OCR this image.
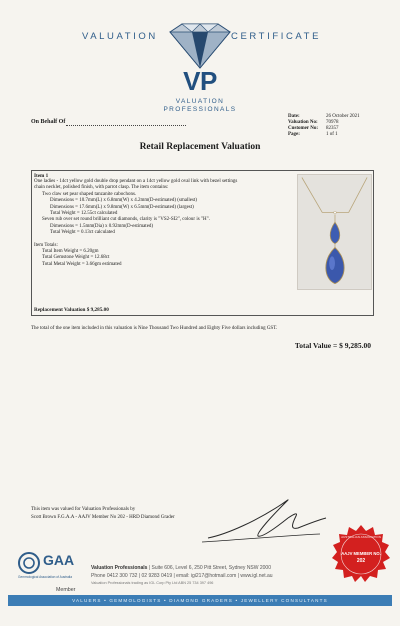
VALUATION	CERTIFICATE
VP
VALUATION
PROFESSIONALS
On Behalf Of
Date:	26 October 2021
Valuation No:	70978
Customer No:	82357
Page:	1 of 1
Retail Replacement Valuation
Item 1
One ladies - 14ct yellow gold double drop pendant on a 14ct yellow gold oval link with bezel settings
chain necklet, polished finish, with parrot clasp. The item contains:
Two claw set pear shaped tanzanite cabochons.
Dimensions = 10.7mm(L) x 6.8mm(W) x 4.2mm(D-estimated) (smallest)
Dimensions = 17.6mm(L) x 9.8mm(W) x 6.5mm(D-estimated) (largest)
Total Weight = 12.55ct calculated
Seven rub over set round brilliant cut diamonds, clarity is "VS2-SI2", colour is "H".
Dimensions = 1.5mm(Dia) x 0.92mm(D-estimated)
Total Weight = 0.13ct calculated
Item Totals:
Total Item Weight = 6.20gm
Total Gemstone Weight = 12.68ct
Total Metal Weight = 3.66gm estimated
Replacement Valuation $ 9,285.00
The total of the one item included in this valuation is Nine Thousand Two Hundred and Eighty Five dollars including GST.
Total Value = $ 9,285.00
This item was valued for Valuation Professionals by
Scott Brown F.G.A.A - AAJV Member No 202 - HRD Diamond Grader
GAA
Gemmological Association of Australia
Member
Valuation Professionals | Suite 606, Level 6, 250 Pitt Street, Sydney NSW 2000
Phone 0412 300 732 | 02 9283 0419 | email: igi217@hotmail.com | www.igl.net.au
Valuation Professionals trading as IGL Corp Pty Ltd ABN 25 734 397 496
AUSTRALIAN ASSOCIATION
AAJV MEMBER NO.
202
VALUERS • GEMMOLOGISTS • DIAMOND GRADERS • JEWELLERY CONSULTANTS
